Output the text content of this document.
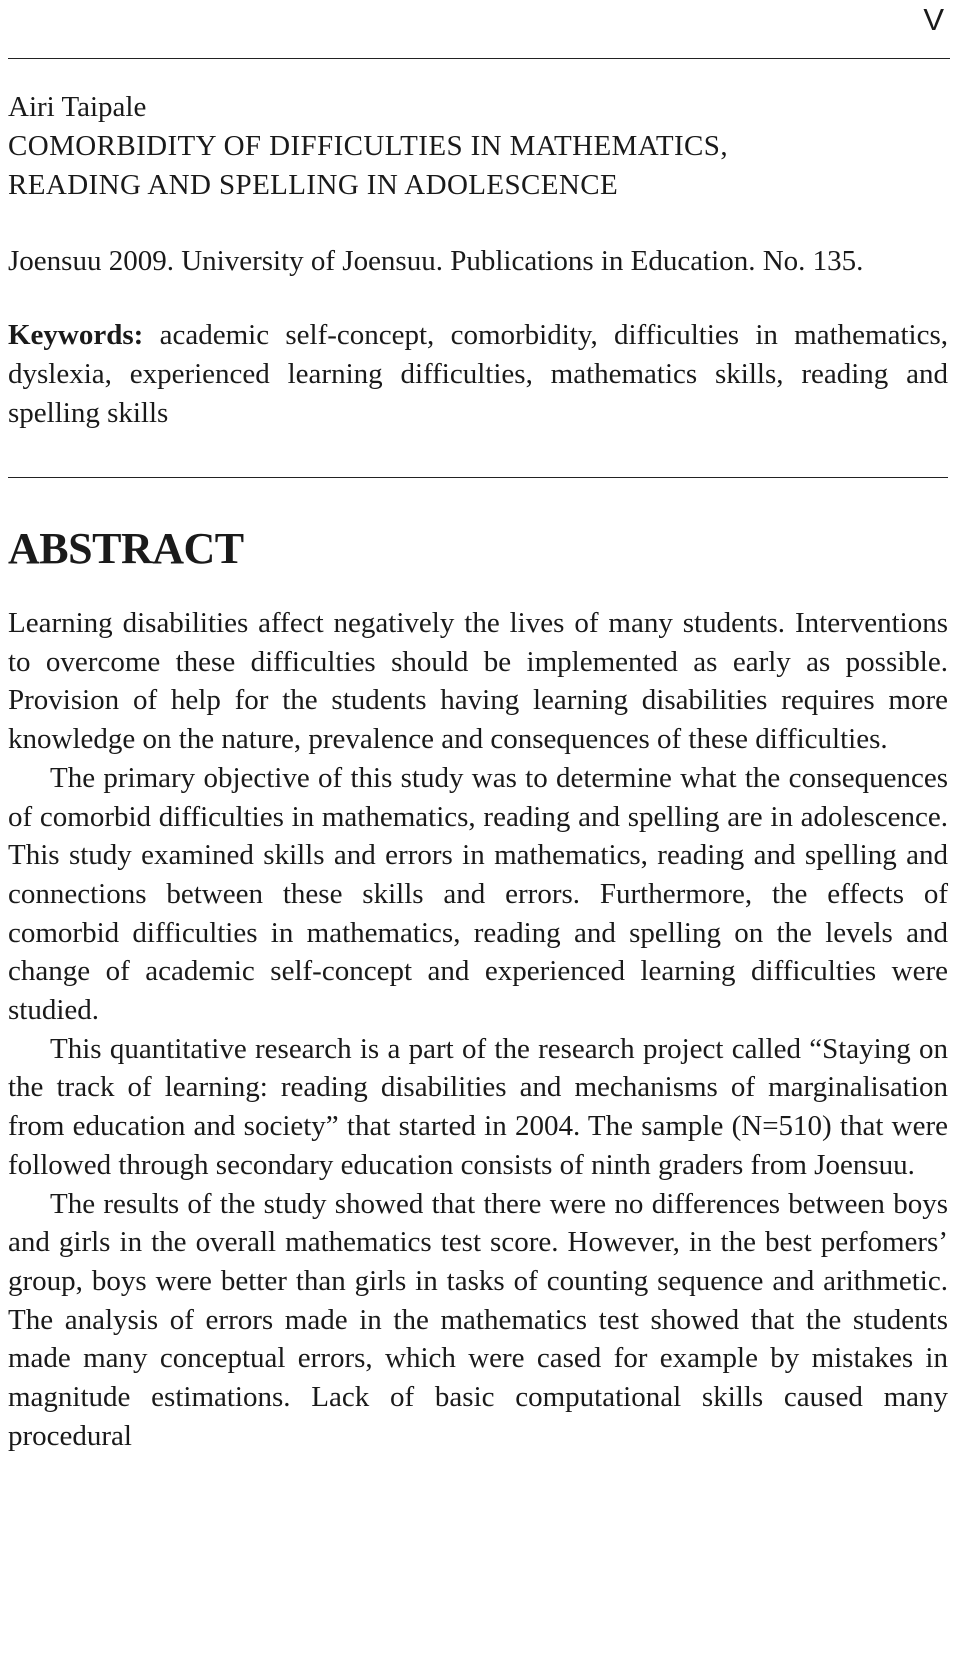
V

Airi Taipale

COMORBIDITY OF DIFFICULTIES IN MATHEMATICS,
READING AND SPELLING IN ADOLESCENCE

Joensuu 2009. University of Joensuu. Publications in Education. No. 135.

Keywords: academic self-concept, comorbidity, difficulties in mathematics, dyslexia, experienced learning difficulties, mathematics skills, reading and spelling skills

ABSTRACT

Learning disabilities affect negatively the lives of many students. Interventions to overcome these difficulties should be implemented as early as possible. Provision of help for the students having learning disabilities requires more knowledge on the nature, prevalence and consequences of these difficulties.

The primary objective of this study was to determine what the consequences of comorbid difficulties in mathematics, reading and spelling are in adolescence. This study examined skills and errors in mathematics, reading and spelling and connections between these skills and errors. Furthermore, the effects of comorbid difficulties in mathematics, reading and spelling on the levels and change of academic self-concept and experienced learning difficulties were studied.

This quantitative research is a part of the research project called “Staying on the track of learning: reading disabilities and mechanisms of marginalisation from education and society” that started in 2004. The sample (N=510) that were followed through secondary education consists of ninth graders from Joensuu.

The results of the study showed that there were no differences between boys and girls in the overall mathematics test score. However, in the best perfomers’ group, boys were better than girls in tasks of counting sequence and arithmetic. The analysis of errors made in the mathematics test showed that the students made many conceptual errors, which were cased for example by mistakes in magnitude estimations. Lack of basic computational skills caused many procedural
